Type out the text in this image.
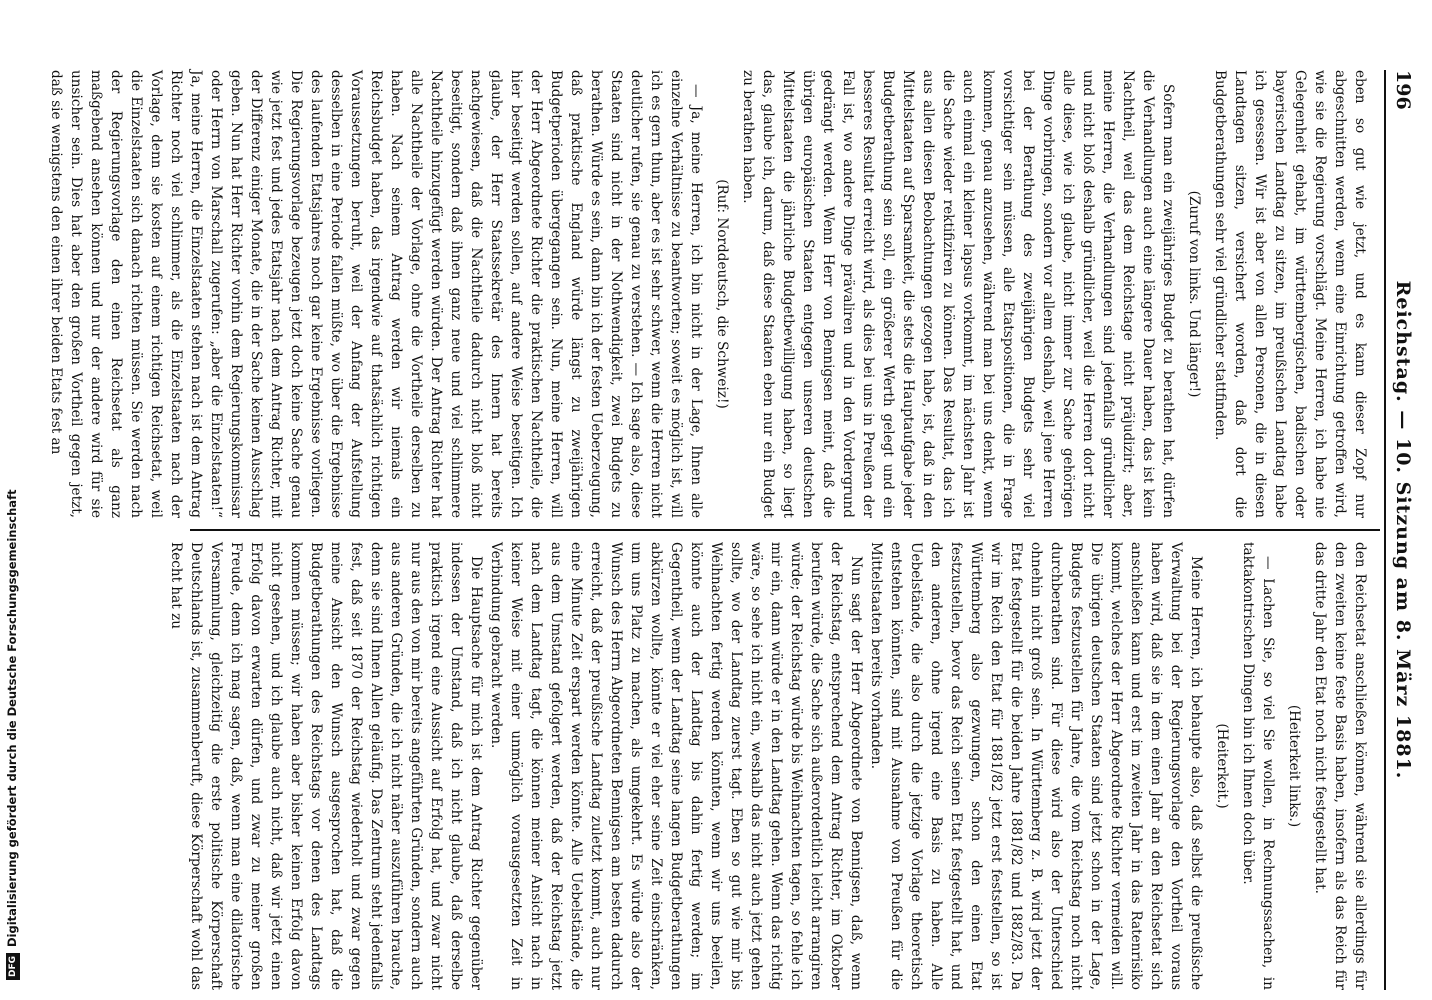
DFGDigitalisierung gefördert durch die Deutsche Forschungsgemeinschaft
196
Reichstag. — 10. Sitzung am 8. März 1881.

eben so gut wie jetzt, und es kann dieser Zopf nur abgeschnitten werden, wenn eine Einrichtung getroffen wird, wie sie die Regierung vorschlägt. Meine Herren, ich habe nie Gelegenheit gehabt, im württembergischen, badischen oder bayerischen Landtag zu sitzen, im preußischen Landtag habe ich gesessen. Wir ist aber von allen Personen, die in diesen Landtagen sitzen, versichert worden, daß dort die Budgetberathungen sehr viel gründlicher stattfinden.

(Zuruf von links. Und länger!)

Sofern man ein zweijähriges Budget zu berathen hat, dürfen die Verhandlungen auch eine längere Dauer haben, das ist kein Nachtheil, weil das dem Reichstage nicht präjudizirt; aber, meine Herren, die Verhandlungen sind jedenfalls gründlicher und nicht bloß deshalb gründlicher, weil die Herren dort nicht alle diese, wie ich glaube, nicht immer zur Sache gehörigen Dinge vorbringen, sondern vor allem deshalb, weil jene Herren bei der Berathung des zweijährigen Budgets sehr viel vorsichtiger sein müssen, alle Etatspositionen, die in Frage kommen, genau anzusehen, während man bei uns denkt, wenn auch einmal ein kleiner lapsus vorkommt, im nächsten Jahr ist die Sache wieder rektifiziren zu können. Das Resultat, das ich aus allen diesen Beobachtungen gezogen habe, ist, daß in den Mittelstaaten auf Sparsamkeit, die stets die Hauptaufgabe jeder Budgetberathung sein soll, ein größerer Werth gelegt und ein besseres Resultat erreicht wird, als dies bei uns in Preußen der Fall ist, wo andere Dinge prävaliren und in den Vordergrund gedrängt werden. Wenn Herr von Bennigsen meint, daß die übrigen europäischen Staaten entgegen unseren deutschen Mittelstaaten die jährliche Budgetbewilligung haben, so liegt das, glaube ich, darum, daß diese Staaten eben nur ein Budget zu berathen haben.

(Ruf: Norddeutsch, die Schweiz!)

— Ja, meine Herren, ich bin nicht in der Lage, Ihnen alle einzelne Verhältnisse zu beantworten; soweit es möglich ist, will ich es gern thun, aber es ist sehr schwer, wenn die Herren nicht deutlicher rufen, sie genau zu verstehen. — Ich sage also, diese Staaten sind nicht in der Nothwendigkeit, zwei Budgets zu berathen. Würde es sein, dann bin ich der festen Ueberzeugung, daß praktische England würde längst zu zweijährigen Budgetperioden übergegangen sein. Nun, meine Herren, will der Herr Abgeordnete Richter die praktischen Nachtheile, die hier beseitigt werden sollen, auf andere Weise beseitigen. Ich glaube, der Herr Staatssekretär des Innern hat bereits nachgewiesen, daß die Nachtheile dadurch nicht bloß nicht beseitigt, sondern daß ihnen ganz neue und viel schlimmere Nachtheile hinzugefügt werden würden. Der Antrag Richter hat alle Nachtheile der Vorlage, ohne die Vortheile derselben zu haben. Nach seinem Antrag werden wir niemals ein Reichsbudget haben, das irgendwie auf thatsächlich richtigen Voraussetzungen beruht, weil der Anfang der Aufstellung desselben in eine Periode fallen müßte, wo über die Ergebnisse des laufenden Etatsjahres noch gar keine Ergebnisse vorliegen. Die Regierungsvorlage bezeugen jetzt doch keine Sache genau wie jetzt fest und jedes Etatsjahr nach dem Antrag Richter, mit der Differenz einiger Monate, die in der Sache keinen Ausschlag geben. Nun hat Herr Richter vorhin dem Regierungskommissar oder Herrn von Marschall zugerufen: „aber die Einzelstaaten!“ Ja, meine Herren, die Einzelstaaten stehen nach ist dem Antrag Richter noch viel schlimmer, als die Einzelstaaten nach der Vorlage, denn sie kosten auf einem richtigen Reichsetat, weil die Einzelstaaten sich danach richten müssen. Sie werden nach der Regierungsvorlage den einen Reichsetat als ganz maßgebend ansehen können und nur der andere wird für sie unsicher sein. Dies hat aber den großen Vortheil gegen jetzt, daß sie wenigstens den einen ihrer beiden Etats fest an

den Reichsetat anschließen können, während sie allerdings für den zweiten keine feste Basis haben, insofern als das Reich für das dritte Jahr den Etat noch nicht festgestellt hat.

(Heiterkeit links.)

— Lachen Sie, so viel Sie wollen, in Rechnungssachen, in taktakontrischen Dingen bin ich Ihnen doch über.

(Heiterkeit.)

Meine Herren, ich behaupte also, daß selbst die preußische Verwaltung bei der Regierungsvorlage den Vortheil voraus haben wird, daß sie in dem einen Jahr an den Reichsetat sich anschließen kann und erst im zweiten Jahr in das Ratenrisiko kommt, welches der Herr Abgeordnete Richter vermeiden will. Die übrigen deutschen Staaten sind jetzt schon in der Lage, Budgets festzustellen für Jahre, die vom Reichstag noch nicht durchberathen sind. Für diese wird also der Unterschied ohnehin nicht groß sein. In Württemberg z. B. wird jetzt der Etat festgestellt für die beiden Jahre 1881/82 und 1882/83. Da wir im Reich den Etat für 1881/82 jetzt erst feststellen, so ist Württemberg also gezwungen, schon den einen Etat festzustellen, bevor das Reich seinen Etat festgestellt hat, und den anderen, ohne irgend eine Basis zu haben. Alle Uebelstände, die also durch die jetzige Vorlage theoretisch entstehen könnten, sind mit Ausnahme von Preußen für die Mittelstaaten bereits vorhanden.

Nun sagt der Herr Abgeordnete von Bennigsen, daß, wenn der Reichstag, entsprechend dem Antrag Richter, im Oktober berufen würde, die Sache sich außerordentlich leicht arrangiren würde; der Reichstag würde bis Weihnachten tagen, so fehle ich mir ein, dann würde er in den Landtag gehen. Wenn das richtig wäre, so sehe ich nicht ein, weshalb das nicht auch jetzt gehen sollte, wo der Landtag zuerst tagt. Eben so gut wie mir bis Weihnachten fertig werden könnten, wenn wir uns beeilen, könnte auch der Landtag bis dahin fertig werden; im Gegentheil, wenn der Landtag seine langen Budgetberathungen abkürzen wollte, könnte er viel eher seine Zeit einschränken, um uns Platz zu machen, als umgekehrt. Es würde also der Wunsch des Herrn Abgeordneten Bennigsen am besten dadurch erreicht, daß der preußische Landtag zuletzt kommt, auch nur eine Minute Zeit erspart werden könnte. Alle Uebelstände, die aus dem Umstand gefolgert werden, daß der Reichstag jetzt nach dem Landtag tagt, die können meiner Ansicht nach in keiner Weise mit einer unmöglich vorausgesetzten Zeit in Verbindung gebracht werden.

Die Hauptsache für mich ist dem Antrag Richter gegenüber indessen der Umstand, daß ich nicht glaube, daß derselbe praktisch irgend eine Aussicht auf Erfolg hat, und zwar nicht nur aus den von mir bereits angeführten Gründen, sondern auch aus anderen Gründen, die ich nicht näher auszuführen brauche, denn sie sind Ihnen Allen geläufig. Das Zentrum steht jedenfalls fest, daß seit 1870 der Reichstag wiederholt und zwar gegen meine Ansicht den Wunsch ausgesprochen hat, daß die Budgetberathungen des Reichstags vor denen des Landtags kommen müssen; wir haben aber bisher keinen Erfolg davon nicht gesehen, und ich glaube auch nicht, daß wir jetzt einen Erfolg davon erwarten dürfen, und zwar zu meiner großen Freude, denn ich mag sagen, daß, wenn man eine dilatorische Versammlung, gleichzeitig die erste politische Körperschaft Deutschlands ist, zusammenberuft, diese Körperschaft wohl das Recht hat zu
